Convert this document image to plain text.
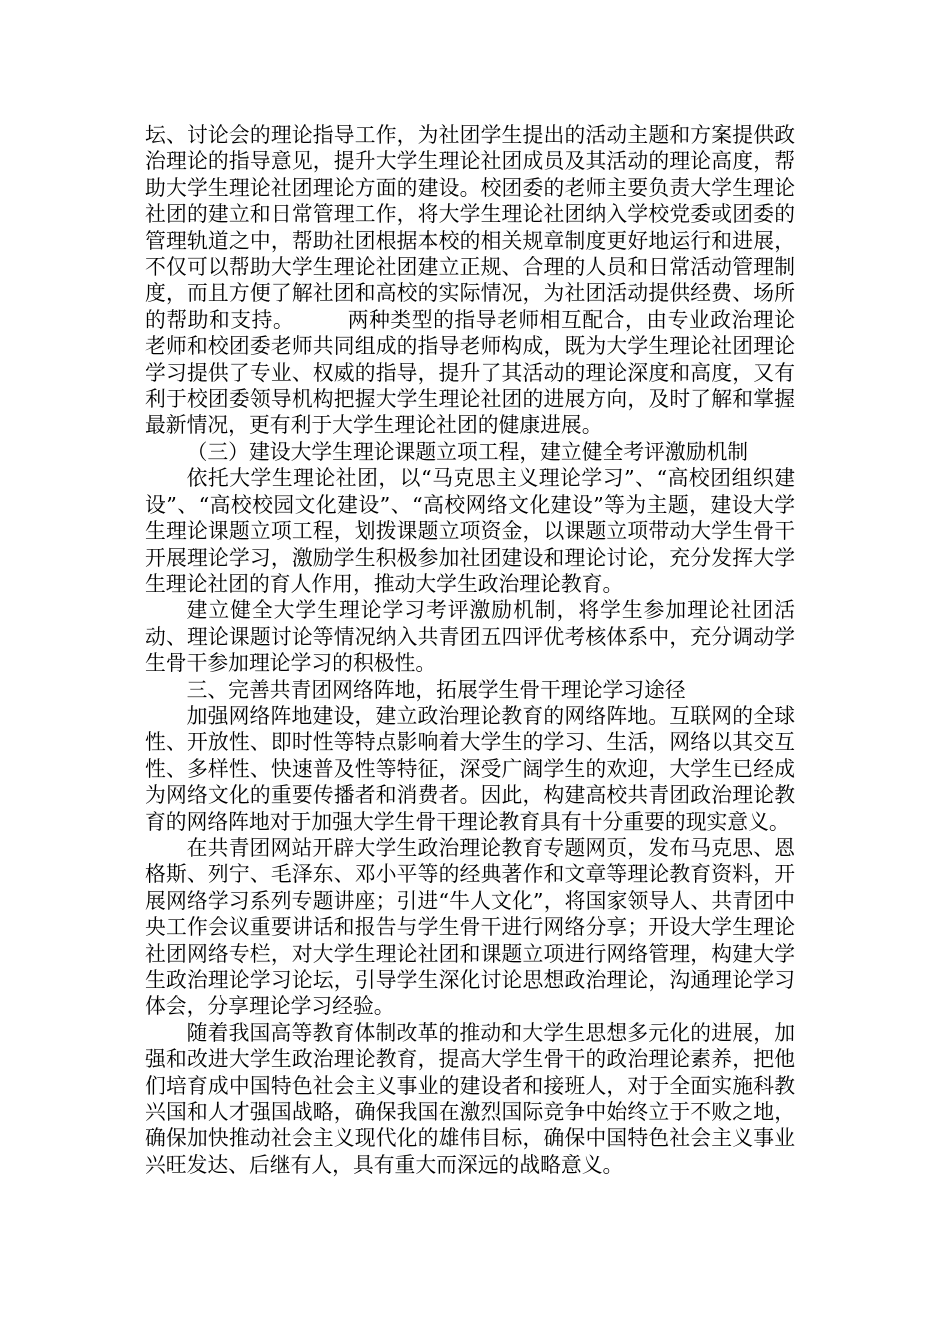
坛、讨论会的理论指导工作，为社团学生提出的活动主题和方案提供政治理论的指导意见，提升大学生理论社团成员及其活动的理论高度，帮助大学生理论社团理论方面的建设。校团委的老师主要负责大学生理论社团的建立和日常管理工作，将大学生理论社团纳入学校党委或团委的管理轨道之中，帮助社团根据本校的相关规章制度更好地运行和进展，不仅可以帮助大学生理论社团建立正规、合理的人员和日常活动管理制度，而且方便了解社团和高校的实际情况，为社团活动提供经费、场所的帮助和支持。　　　两种类型的指导老师相互配合，由专业政治理论老师和校团委老师共同组成的指导老师构成，既为大学生理论社团理论学习提供了专业、权威的指导，提升了其活动的理论深度和高度，又有利于校团委领导机构把握大学生理论社团的进展方向，及时了解和掌握最新情况，更有利于大学生理论社团的健康进展。

（三）建设大学生理论课题立项工程，建立健全考评激励机制

依托大学生理论社团，以“马克思主义理论学习”、“高校团组织建设”、“高校校园文化建设”、“高校网络文化建设”等为主题，建设大学生理论课题立项工程，划拨课题立项资金，以课题立项带动大学生骨干开展理论学习，激励学生积极参加社团建设和理论讨论，充分发挥大学生理论社团的育人作用，推动大学生政治理论教育。

建立健全大学生理论学习考评激励机制，将学生参加理论社团活动、理论课题讨论等情况纳入共青团五四评优考核体系中，充分调动学生骨干参加理论学习的积极性。

三、完善共青团网络阵地，拓展学生骨干理论学习途径

加强网络阵地建设，建立政治理论教育的网络阵地。互联网的全球性、开放性、即时性等特点影响着大学生的学习、生活，网络以其交互性、多样性、快速普及性等特征，深受广阔学生的欢迎，大学生已经成为网络文化的重要传播者和消费者。因此，构建高校共青团政治理论教育的网络阵地对于加强大学生骨干理论教育具有十分重要的现实意义。

在共青团网站开辟大学生政治理论教育专题网页，发布马克思、恩格斯、列宁、毛泽东、邓小平等的经典著作和文章等理论教育资料，开展网络学习系列专题讲座；引进“牛人文化”，将国家领导人、共青团中央工作会议重要讲话和报告与学生骨干进行网络分享；开设大学生理论社团网络专栏，对大学生理论社团和课题立项进行网络管理，构建大学生政治理论学习论坛，引导学生深化讨论思想政治理论，沟通理论学习体会，分享理论学习经验。

随着我国高等教育体制改革的推动和大学生思想多元化的进展，加强和改进大学生政治理论教育，提高大学生骨干的政治理论素养，把他们培育成中国特色社会主义事业的建设者和接班人，对于全面实施科教兴国和人才强国战略，确保我国在激烈国际竞争中始终立于不败之地，确保加快推动社会主义现代化的雄伟目标，确保中国特色社会主义事业兴旺发达、后继有人，具有重大而深远的战略意义。
